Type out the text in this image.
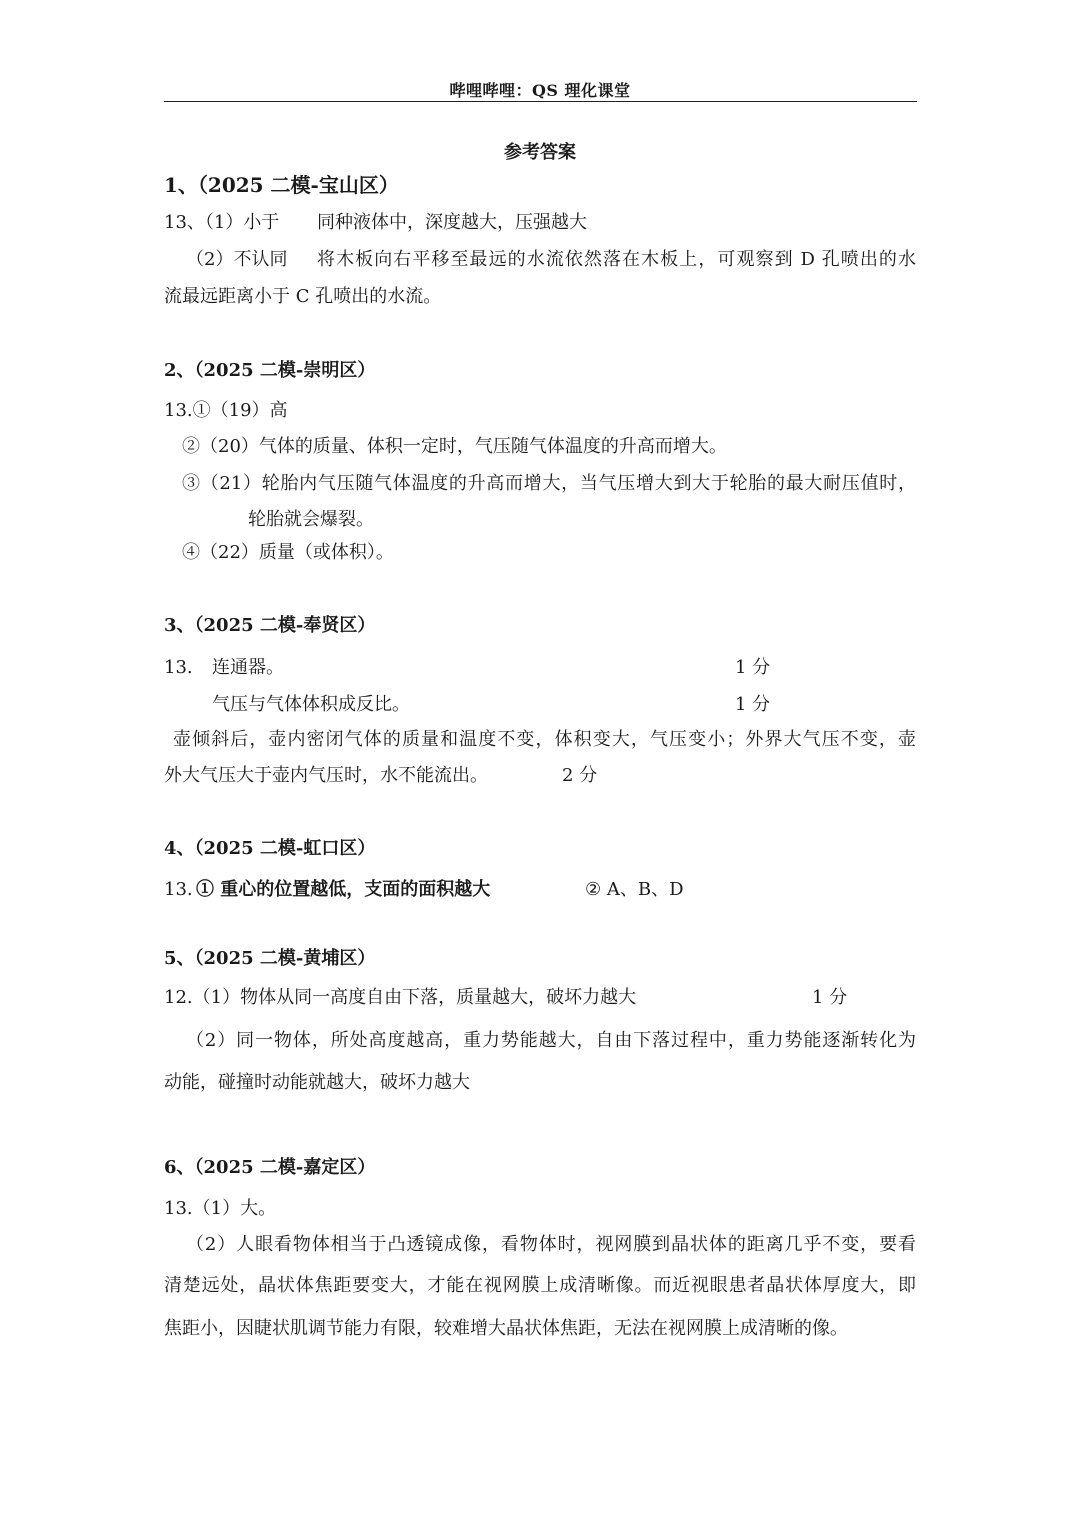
哔哩哔哩：QS 理化课堂
参考答案
1、（2025 二模-宝山区）
13、（1）小于 同种液体中，深度越大，压强越大
（2）不认同 将木板向右平移至最远的水流依然落在木板上，可观察到 D 孔喷出的水
流最远距离小于 C 孔喷出的水流。
2、（2025 二模-崇明区）
13.①（19）高
②（20）气体的质量、体积一定时，气压随气体温度的升高而增大。
③（21）轮胎内气压随气体温度的升高而增大，当气压增大到大于轮胎的最大耐压值时，
轮胎就会爆裂。
④（22）质量（或体积）。
3、（2025 二模-奉贤区）
13. 连通器。	1 分
气压与气体体积成反比。	1 分
壶倾斜后，壶内密闭气体的质量和温度不变，体积变大，气压变小；外界大气压不变，壶
外大气压大于壶内气压时，水不能流出。	2 分
4、（2025 二模-虹口区）
13. ① 重心的位置越低，支面的面积越大	② A、B、D
5、（2025 二模-黄埔区）
12.（1）物体从同一高度自由下落，质量越大，破坏力越大	1 分
（2）同一物体，所处高度越高，重力势能越大，自由下落过程中，重力势能逐渐转化为
动能，碰撞时动能就越大，破坏力越大
6、（2025 二模-嘉定区）
13.（1）大。
（2）人眼看物体相当于凸透镜成像，看物体时，视网膜到晶状体的距离几乎不变，要看
清楚远处，晶状体焦距要变大，才能在视网膜上成清晰像。而近视眼患者晶状体厚度大，即
焦距小，因睫状肌调节能力有限，较难增大晶状体焦距，无法在视网膜上成清晰的像。
